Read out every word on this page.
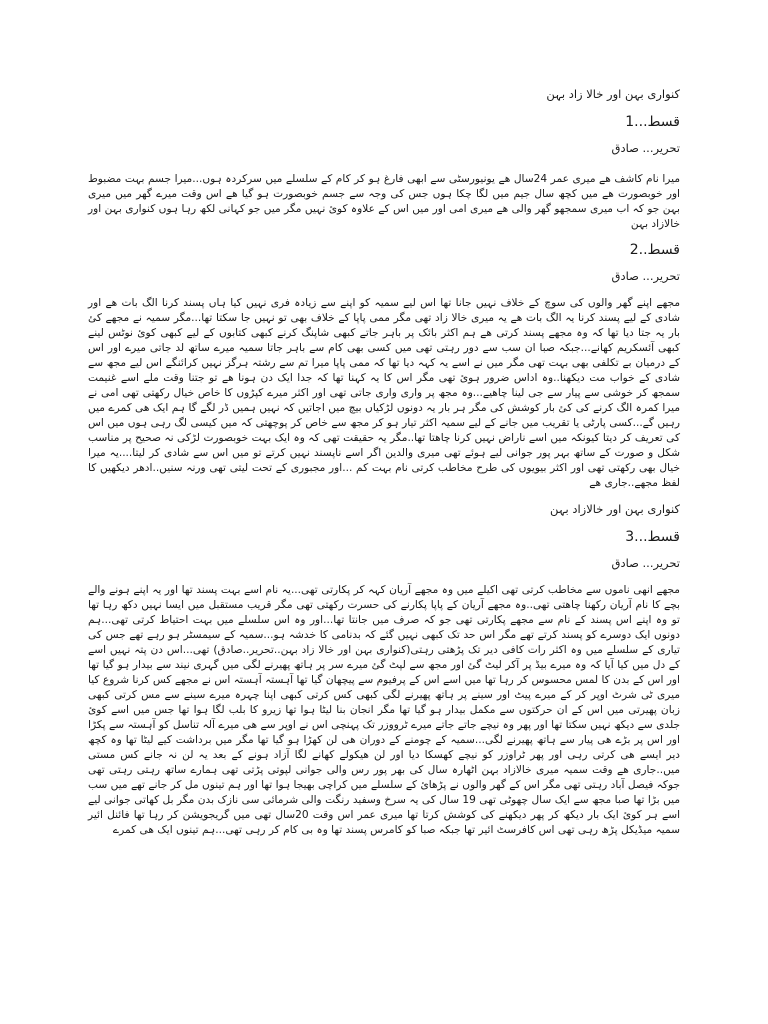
کنواری بہن اور خالا زاد بہن
قسط...1
تحریر... صادق
میرا نام کاشف ھے میری عمر 24سال ھے یونیورسٹی سے ابھی فارغ ہو کر کام کے سلسلے میں سرکردہ ہوں...میرا جسم بہت مضبوط اور خوبصورت ھے میں کچھ سال جیم میں لگا چکا ہوں جس کی وجہ سے جسم خوبصورت ہو گیا ھے اس وقت میرے گھر میں میری بہن جو کہ اب میری سمجھو گھر والی ھے میری امی اور میں اس کے علاوہ کوئ نہیں مگر میں جو کہانی لکھ رہا ہوں کنواری بہن اور خالازاد بہن
قسط..2
تحریر... صادق
مجھے اپنے گھر والوں کی سوچ کے خلاف نہیں جانا تھا اس لیے سمیہ کو اپنے سے زیادہ فری نہیں کیا ہاں پسند کرنا الگ بات ھے اور شادی کے لیے پسند کرنا یہ الگ بات ھے یہ میری خالا زاد تھی مگر ممی پاپا کے خلاف بھی تو نہیں جا سکتا تھا...مگر سمیہ نے مجھے کئ بار یہ جتا دیا تھا کہ وہ مجھے پسند کرتی ھے ہم اکثر بائک پر باہر جاتے کبھی شاپنگ کرنے کبھی کتابوں کے لیے کبھی کوئ نوٹس لینے کبھی آئسکریم کھانے...جبکہ صبا ان سب سے دور رہتی تھی میں کسی بھی کام سے باہر جاتا سمیہ میرے ساتھ لد جاتی میرے اور اس کے درمیان بے تکلفی بھی بہت تھی مگر میں نے اسے یہ کہہ دیا تھا کہ ممی پاپا میرا تم سے رشتہ ہرگز نہیں کرائنگے اس لیے مجھ سے شادی کے خواب مت دیکھنا..وہ اداس ضرور ہوئ تھی مگر اس کا یہ کہنا تھا کہ جدا ایک دن ہونا ھے تو جتنا وقت ملے اسے غنیمت سمجھ کر خوشی سے پیار سے جی لینا چاھیے...وہ مجھ پر واری واری جاتی تھی اور اکثر میرے کپڑوں کا خاص خیال رکھتی تھی امی نے میرا کمرہ الگ کرنے کی کئ بار کوشش کی مگر ہر بار یہ دونوں لڑکیاں بیچ میں اجاتیں کہ نہیں ہمیں ڈر لگے گا ہم ایک ھی کمرے میں رہیں گے...کسی پارٹی یا تقریب میں جانے کے لیے سمیہ اکثر تیار ہو کر مجھ سے خاص کر پوچھتی کہ میں کیسی لگ رہی ہوں میں اس کی تعریف کر دیتا کیونکہ میں اسے ناراض نہیں کرنا چاھتا تھا..مگر یہ حقیقت تھی کہ وہ ایک بہت خوبصورت لڑکی نہ صحیح پر مناسب شکل و صورت کے ساتھ بہر پور جوانی لیے ہوئے تھی میری والدین اگر اسے ناپسند نہیں کرتے تو میں اس سے شادی کر لیتا....یہ میرا خیال بھی رکھتی تھی اور اکثر بیویوں کی طرح مخاطب کرتی نام بہت کم ...اور مجبوری کے تحت لیتی تھی ورنہ سنیں..ادھر دیکھیں کا لفظ مجھے..جاری ھے
کنواری بہن اور خالازاد بہن
قسط...3
تحریر... صادق
مجھے انھی ناموں سے مخاطب کرتی تھی اکیلے میں وہ مجھے آریان کہہ کر پکارتی تھی...یہ نام اسے بہت پسند تھا اور یہ اپنے ہونے والے بچے کا نام آریان رکھنا چاھتی تھی..وہ مجھے آریان کے پاپا پکارنے کی حسرت رکھتی تھی مگر قریب مستقبل میں ایسا نہیں دکھ رہا تھا تو وہ اپنے اس پسند کے نام سے مجھے پکارتی تھی جو کہ صرف میں جانتا تھا...اور وہ اس سلسلے میں بہت احتیاط کرتی تھی...ہم دونوں ایک دوسرے کو پسند کرتے تھے مگر اس حد تک کبھی نہیں گئے کہ بدنامی کا خدشہ ہو...سمیہ کے سیمسٹر ہو رہے تھے جس کی تیاری کے سلسلے میں وہ اکثر رات کافی دیر تک پڑھتی رہتی(کنواری بہن اور خالا زاد بہن..تحریر..صادق) تھی...اس دن پتہ نہیں اسے کے دل میں کیا آیا کہ وہ میرے بیڈ پر آکر لیٹ گئ اور مجھ سے لپٹ گئ میرے سر پر ہاتھ پھیرنے لگی میں گہری نیند سے بیدار ہو گیا تھا اور اس کے بدن کا لمس محسوس کر رہا تھا میں اسے اس کے پرفیوم سے پیچھان گیا تھا آہستہ آہستہ اس نے مجھے کس کرنا شروع کیا میری ٹی شرٹ اوپر کر کے میرے پیٹ اور سینے پر ہاتھ پھیرنے لگی کبھی کس کرتی کبھی اپنا چہرہ میرے سینے سے مس کرتی کبھی زبان پھیرتی میں اس کے ان حرکتوں سے مکمل بیدار ہو گیا تھا مگر انجان بنا لیٹا ہوا تھا زیرو کا بلب لگا ہوا تھا جس میں اسے کوئ جلدی سے دیکھ نہیں سکتا تھا اور پھر وہ نیچے جاتے جاتے میرے ٹرووزر تک پہنچی اس نے اوپر سے ھی میرے آلہ تناسل کو آہستہ سے پکڑا اور اس پر بڑے ھی پیار سے ہاتھ پھیرنے لگی...سمیہ کے چومنے کے دوران ھی لن کھڑا ہو گیا تھا مگر میں برداشت کیے لیٹا تھا وہ کچھ دیر ایسے ھی کرتی رہی اور پھر ٹراوزر کو نیچے کھسکا دیا اور لن ھیکولے کھانے لگا آزاد ہونے کے بعد یہ لن نہ جانے کس مستی میں..جاری ھے وقت سمیہ میری خالازاد بہن اٹھارہ سال کی بھر پور رس والی جوانی لپوتی پڑتی تھی ہمارے ساتھ رہتی رہتی تھی جوکہ فیصل آباد رہتی تھی مگر اس کے گھر والوں نے پڑھائ کے سلسلے میں کراچی بھیجا ہوا تھا اور ہم تینوں مل کر جانے تھے میں سب میں بڑا تھا صبا مجھ سے ایک سال چھوٹی تھی 19 سال کی یہ سرخ وسفید رنگت والی شرمائی سی نازک بدن مگر بل کھاتی جوانی لیے اسے ہر کوئ ایک بار دیکھ کر پھر دیکھنے کی کوشش کرتا تھا میری عمر اس وقت 20سال تھی میں گریجویشن کر رہا تھا فائنل ائیر سمیہ میڈیکل پڑھ رہی تھی اس کافرسٹ ائیر تھا جبکہ صبا کو کامرس پسند تھا وہ بی کام کر رہی تھی...ہم تینوں ایک ھی کمرے
